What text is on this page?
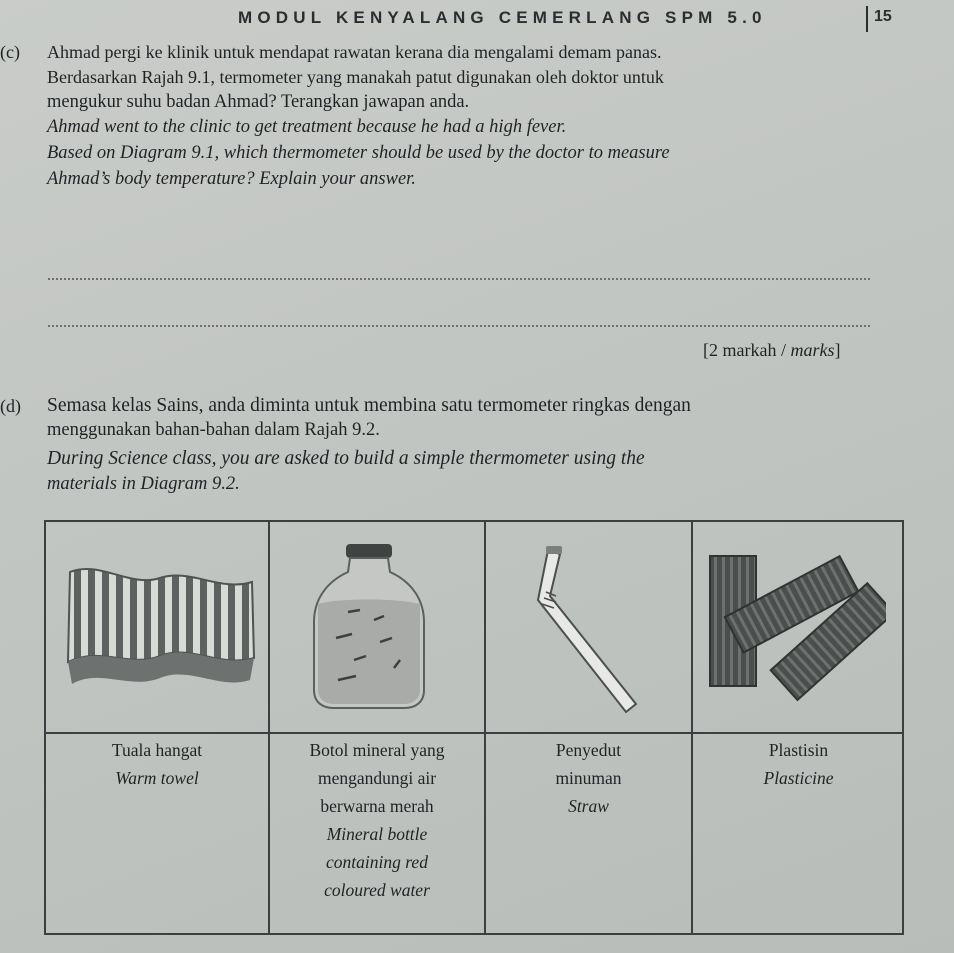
MODUL KENYALANG CEMERLANG SPM 5.0	15
(c) Ahmad pergi ke klinik untuk mendapat rawatan kerana dia mengalami demam panas.
Berdasarkan Rajah 9.1, termometer yang manakah patut digunakan oleh doktor untuk
mengukur suhu badan Ahmad? Terangkan jawapan anda.
Ahmad went to the clinic to get treatment because he had a high fever.
Based on Diagram 9.1, which thermometer should be used by the doctor to measure
Ahmad’s body temperature? Explain your answer.
[2 markah / marks]
(d) Semasa kelas Sains, anda diminta untuk membina satu termometer ringkas dengan
menggunakan bahan-bahan dalam Rajah 9.2.
During Science class, you are asked to build a simple thermometer using the
materials in Diagram 9.2.
Tuala hangat
Warm towel
Botol mineral yang
mengandungi air
berwarna merah
Mineral bottle
containing red
coloured water
Penyedut
minuman
Straw
Plastisin
Plasticine
